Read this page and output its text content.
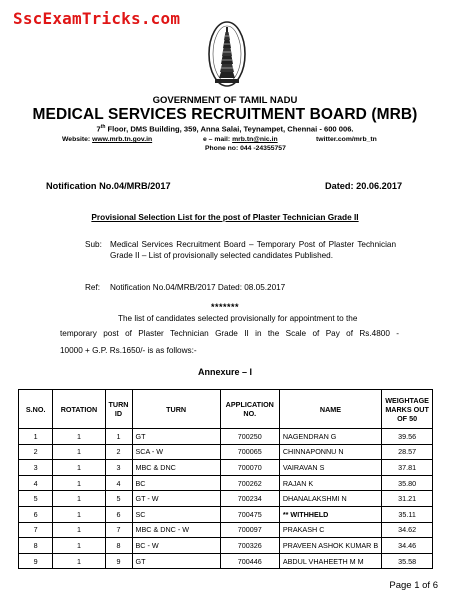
SscExamTricks.com
GOVERNMENT OF TAMIL NADU
MEDICAL SERVICES RECRUITMENT BOARD (MRB)
7th Floor, DMS Building, 359, Anna Salai, Teynampet, Chennai - 600 006.
Website: www.mrb.tn.gov.in	e – mail: mrb.tn@nic.in	twitter.com/mrb_tn
Phone no: 044 -24355757
Notification No.04/MRB/2017	Dated: 20.06.2017
Provisional Selection List for the post of Plaster Technician Grade II
Sub: Medical Services Recruitment Board – Temporary Post of Plaster Technician Grade II – List of provisionally selected candidates Published.
Ref: Notification No.04/MRB/2017 Dated: 08.05.2017
*******
The list of candidates selected provisionally for appointment to the
temporary post of Plaster Technician Grade II in the Scale of Pay of Rs.4800 -
10000 + G.P. Rs.1650/- is as follows:-
Annexure – I
S.NO.	ROTATION	TURN ID	TURN	APPLICATION NO.	NAME	WEIGHTAGE MARKS OUT OF 50
1	1	1	GT	700250	NAGENDRAN G	39.56
2	1	2	SCA - W	700065	CHINNAPONNU N	28.57
3	1	3	MBC & DNC	700070	VAIRAVAN S	37.81
4	1	4	BC	700262	RAJAN K	35.80
5	1	5	GT - W	700234	DHANALAKSHMI N	31.21
6	1	6	SC	700475	** WITHHELD	35.11
7	1	7	MBC & DNC - W	700097	PRAKASH C	34.62
8	1	8	BC - W	700326	PRAVEEN ASHOK KUMAR B	34.46
9	1	9	GT	700446	ABDUL VHAHEETH M M	35.58
Page 1 of 6
